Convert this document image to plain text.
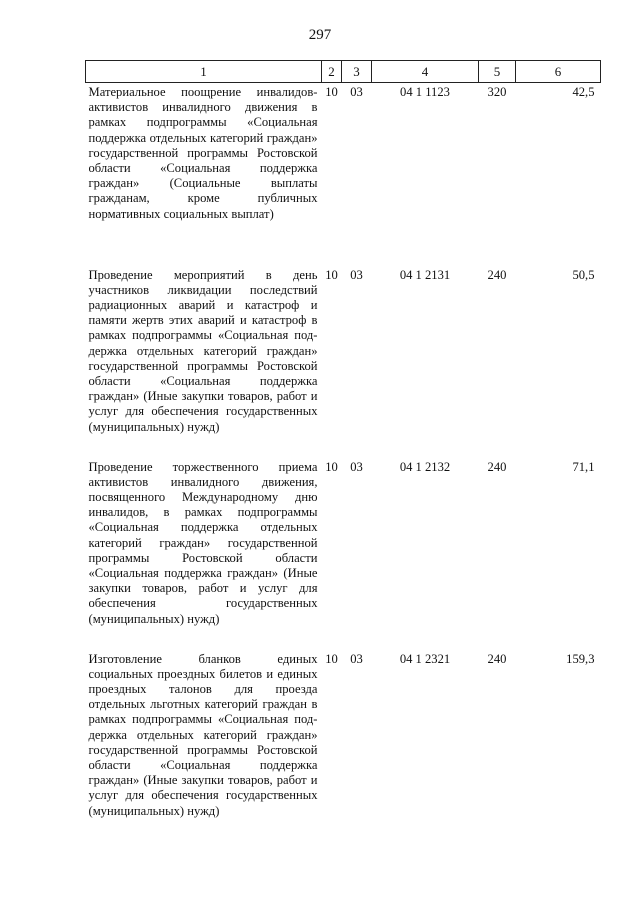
297
1	2	3	4	5	6
Материальное поощрение инвалидов-активистов инвалидного движения в рамках подпрограммы «Социальная поддержка отдельных категорий граждан» государственной программы Ростовской области «Социальная поддержка граждан» (Социальные выплаты гражданам, кроме публичных нормативных социальных выплат)	10	03	04 1 1123	320	42,5
Проведение мероприятий в день участников ликвидации последствий радиационных аварий и катастроф и памяти жертв этих аварий и катастроф в рамках подпрограммы «Социальная поддержка отдельных категорий граждан» государственной программы Ростовской области «Социальная поддержка граждан» (Иные закупки товаров, работ и услуг для обеспечения государственных (муниципальных) нужд)	10	03	04 1 2131	240	50,5
Проведение торжественного приема активистов инвалидного движения, посвященного Международному дню инвалидов, в рамках подпрограммы «Социальная поддержка отдельных категорий граждан» государственной программы Ростовской области «Социальная поддержка граждан» (Иные закупки товаров, работ и услуг для обеспечения государственных (муниципальных) нужд)	10	03	04 1 2132	240	71,1
Изготовление бланков единых социальных проездных билетов и единых проездных талонов для проезда отдельных льготных категорий граждан в рамках подпрограммы «Социальная поддержка отдельных категорий граждан» государственной программы Ростовской области «Социальная поддержка граждан» (Иные закупки товаров, работ и услуг для обеспечения государственных (муниципальных) нужд)	10	03	04 1 2321	240	159,3
